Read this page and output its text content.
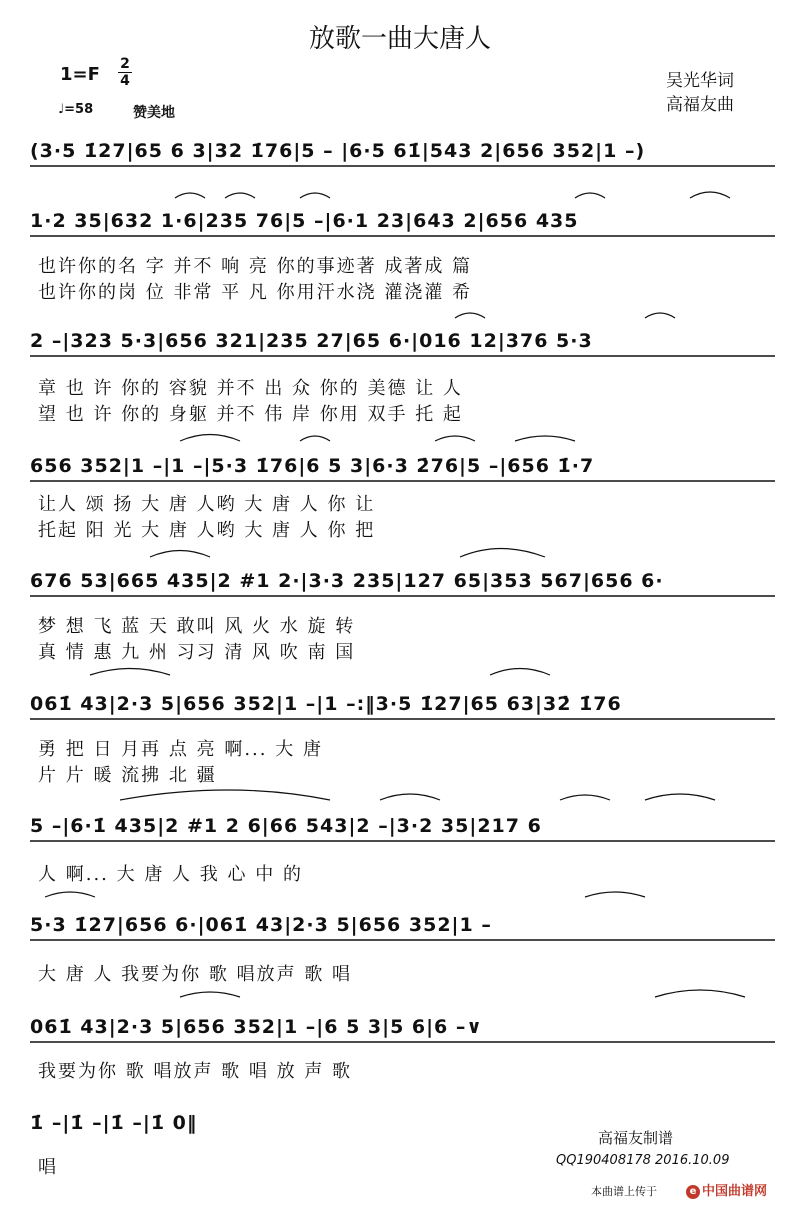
放歌一曲大唐人
$1=F \frac{2}{4}$
♩=58	赞美地
吴光华词
高福友曲
(3·5 1̇27|65 6 3|32 1̇76|5 – |6·5 61̇|543 2|656 352|1 –)
1·2 35|632 1·6|235 76|5 –|6·1 23|643 2|656 435
也许你的名 字 并不 响 亮 你的事迹著 成著成 篇
也许你的岗 位 非常 平 凡 你用汗水浇 灌浇灌 希
2 –|323 5·3|656 321|235 27|65 6·|016 12|376 5·3
章 也 许 你的 容貌 并不 出 众 你的 美德 让 人
望 也 许 你的 身躯 并不 伟 岸 你用 双手 托 起
656 352|1 –|1 –|5·3 1̇76|6 5 3|6·3 2̇76|5 –|656 1̇·7
让人 颂 扬 大 唐 人哟 大 唐 人 你 让
托起 阳 光 大 唐 人哟 大 唐 人 你 把
676 53|665 435|2 #1 2·|3·3 235|127 65|353 567|656 6·
梦 想 飞 蓝 天 敢叫 风 火 水 旋 转
真 情 惠 九 州 习习 清 风 吹 南 国
061̇ 43|2·3 5|656 352|1 –|1 –:‖3·5 1̇27|65 63|32̇ 1̇76
勇 把 日 月再 点 亮 啊... 大 唐
片 片 暖 流拂 北 疆
5 –|6·1̇ 435|2 #1 2 6|66 543|2 –|3·2 35|217 6
人 啊... 大 唐 人 我 心 中 的
5·3 1̇27|656 6·|061̇ 43|2·3 5|656 352|1 –
大 唐 人 我要为你 歌 唱放声 歌 唱
061̇ 43|2·3 5|656 352|1 –|6 5 3|5 6|6 –∨
我要为你 歌 唱放声 歌 唱 放 声 歌
1̇ –|1̇ –|1̇ –|1̇ 0‖
唱
高福友制谱
QQ190408178 2016.10.09
本曲谱上传于	e 中国曲谱网
